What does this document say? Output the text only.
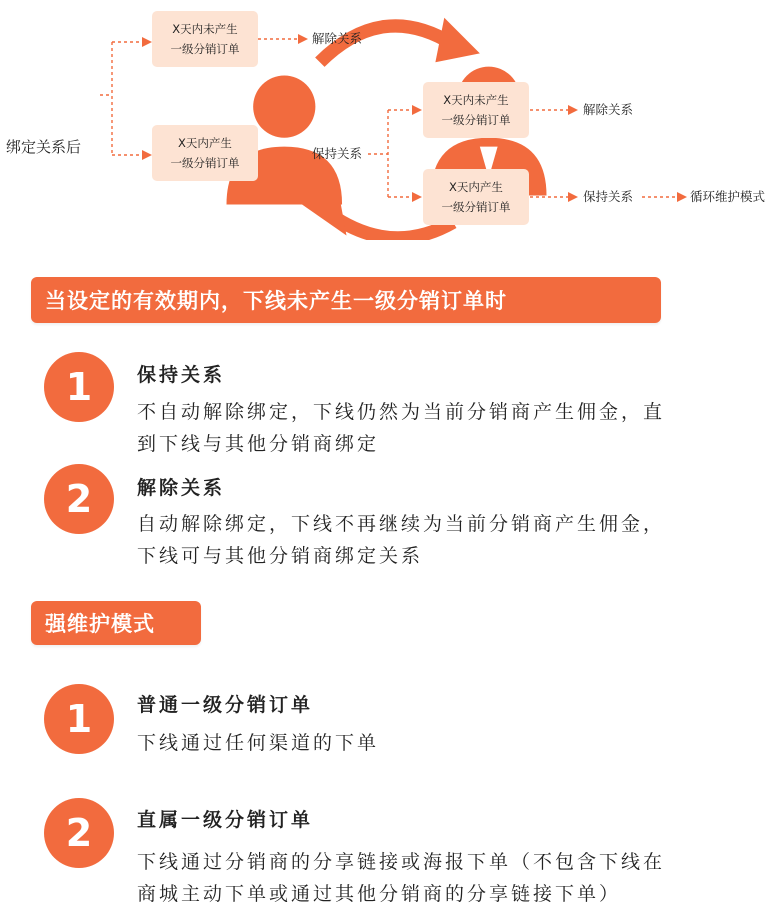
绑定关系后
X天内未产生
一级分销订单
解除关系
X天内产生
一级分销订单
保持关系
X天内未产生
一级分销订单
解除关系
X天内产生
一级分销订单
保持关系	循环维护模式
当设定的有效期内，下线未产生一级分销订单时
1	保持关系
不自动解除绑定，下线仍然为当前分销商产生佣金，直
到下线与其他分销商绑定
2	解除关系
自动解除绑定，下线不再继续为当前分销商产生佣金，
下线可与其他分销商绑定关系
强维护模式
1	普通一级分销订单
下线通过任何渠道的下单
2	直属一级分销订单
下线通过分销商的分享链接或海报下单（不包含下线在
商城主动下单或通过其他分销商的分享链接下单）
